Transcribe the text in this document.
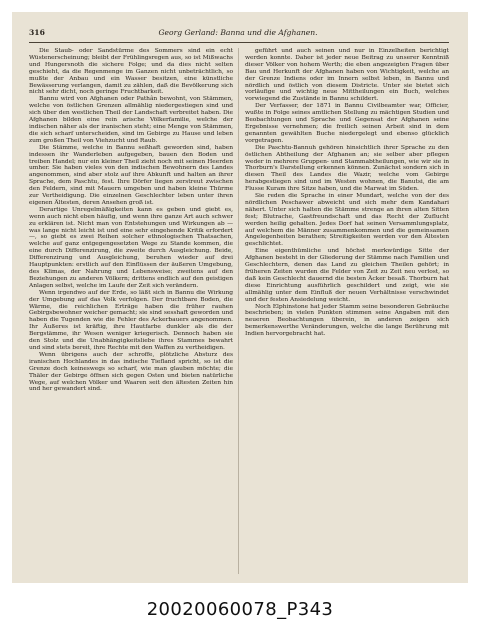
316	Georg Gerland: Banna und die Afghanen.

Die Staub- oder Sandstürme des Sommers sind ein echt Wüstenerscheinung; bleibt der Frühlingsregen aus, so ist Mißwachs und Hungersnoth die sichere Folge; und da dies nicht selten geschieht, da die Regenmenge im Ganzen nicht unbeträchtlich, so mußte der Anbau und ein Wasser besitzen, eine künstliche Bewässerung verlangen, damit zu zählen, daß die Bevölkerung sich nicht sehr dicht, noch geringe Fruchtbarkeit.

Bannu wird von Afghanen oder Pathân bewohnt, von Stämmen, welche von östlichen Grenzen allmählig niedergestiegen sind und sich über den westlichen Theil der Landschaft verbreitet haben. Die Afghanen bilden eine rein arische Völkerfamilie, welche der indischen näher als der iranischen steht; eine Menge von Stämmen, die sich scharf unterscheiden, sind im Gebirge zu Hause und leben zum großen Theil von Viehzucht und Raub.

Die Stämme, welche in Bannu seßhaft geworden sind, haben indessen ihr Wanderleben aufgegeben, bauen den Boden und treiben Handel; nur ein kleiner Theil zieht noch mit seinen Heerden umher. Sie haben vieles von den indischen Bewohnern des Landes angenommen, sind aber stolz auf ihre Abkunft und halten an ihrer Sprache, dem Paschtu, fest. Ihre Dörfer liegen zerstreut zwischen den Feldern, sind mit Mauern umgeben und haben kleine Thürme zur Vertheidigung. Die einzelnen Geschlechter leben unter ihren eigenen Ältesten, deren Ansehen groß ist.

Derartige Unregelmäßigkeiten kann es geben und giebt es, wenn auch nicht eben häufig, und wenn ihre ganze Art auch schwer zu erklären ist. Nicht man von Entstehungen und Wirkungen ab — was lange nicht leicht ist und eine sehr eingehende Kritik erfordert —, so giebt es zwei Reihen solcher ethnologischen Thatsachen, welche auf ganz entgegengesetzten Wege zu Stande kommen, die eine durch Differenzirung, die zweite durch Ausgleichung. Beide, Differenzirung und Ausgleichung, beruhen wieder auf drei Hauptpunkten: erstlich auf den Einflüssen der äußeren Umgebung, des Klimas, der Nahrung und Lebensweise; zweitens auf den Beziehungen zu anderen Völkern; drittens endlich auf den geistigen Anlagen selbst, welche im Laufe der Zeit sich verändern.

Wenn irgendwo auf der Erde, so läßt sich in Bannu die Wirkung der Umgebung auf das Volk verfolgen. Der fruchtbare Boden, die Wärme, die reichlichen Erträge haben die früher rauhen Gebirgsbewohner weicher gemacht; sie sind sesshaft geworden und haben die Tugenden wie die Fehler des Ackerbauers angenommen. Ihr Äußeres ist kräftig, ihre Hautfarbe dunkler als die der Bergstämme, ihr Wesen weniger kriegerisch. Dennoch haben sie den Stolz und die Unabhängigkeitsliebe ihres Stammes bewahrt und sind stets bereit, ihre Rechte mit den Waffen zu vertheidigen.

Wenn übrigens auch der schroffe, plötzliche Absturz des iranischen Hochlandes in das indische Tiefland spricht, so ist die Grenze doch keineswegs so scharf, wie man glauben möchte; die Thäler der Gebirge öffnen sich gegen Osten und bieten natürliche Wege, auf welchen Völker und Waaren seit den ältesten Zeiten hin und her gewandert sind.

geführt und auch seinen und nur in Einzelheiten berichtigt werden konnte. Daher ist jeder neue Beitrag zu unserer Kenntniß dieser Völker von hohem Werth; die eben angezeigten Fragen über Bau und Herkunft der Afghanen haben von Wichtigkeit, welche an der Grenze Indiens oder im Innern selbst leben, in Bannu und nördlich und östlich von diesem Districte. Unter sie bietet sich vorläufige und wichtig neue Mittheilungen ein Buch, welches vorwiegend die Zustände in Bannu schildert.

Der Verfasser, der 1871 in Bannu Civilbeamter war, Officier, wußte in Folge seines amtlichen Stellung zu mächtigen Studien und Beobachtungen und Sprache und Gegensat der Afghanen seine Ergebnisse vernehmen; die freilich seinen Arbeit sind in dem genannten gewählten Buche niedergelegt und ebenso glücklich vorgetragen.

Die Paschtu-Bannuh gehören hinsichtlich ihrer Sprache zu den östlichen Abtheilung der Afghanen an; sie selber aber pflegen weder in mehrere Gruppen- und Stammabtheilungen, wie wir sie in Thorburn's Darstellung erkennen können. Zunächst sondern sich in diesen Theil des Landes die Wazir, welche vom Gebirge herabgestiegen sind und im Westen wohnen, die Banutsi, die am Flusse Kuram ihre Sitze haben, und die Marwat im Süden.

Sie reden die Sprache in einer Mundart, welche von der des nördlichen Peschawer abweicht und sich mehr dem Kandahari nähert. Unter sich halten die Stämme strenge an ihren alten Sitten fest; Blutrache, Gastfreundschaft und das Recht der Zuflucht werden heilig gehalten. Jedes Dorf hat seinen Versammlungsplatz, auf welchem die Männer zusammenkommen und die gemeinsamen Angelegenheiten berathen; Streitigkeiten werden vor den Ältesten geschlichtet.

Eine eigenthümliche und höchst merkwürdige Sitte der Afghanen besteht in der Gliederung der Stämme nach Familien und Geschlechtern, denen das Land zu gleichen Theilen gehört; in früheren Zeiten wurden die Felder von Zeit zu Zeit neu verlost, so daß kein Geschlecht dauernd die besten Äcker besaß. Thorburn hat diese Einrichtung ausführlich geschildert und zeigt, wie sie allmählig unter dem Einfluß der neuen Verhältnisse verschwindet und der festen Ansiedelung weicht.

Noch Elphinstone hat jeder Stamm seine besonderen Gebräuche beschrieben; in vielen Punkten stimmen seine Angaben mit den neueren Beobachtungen überein, in anderen zeigen sich bemerkenswerthe Veränderungen, welche die lange Berührung mit Indien hervorgebracht hat.

20020060078_P343
